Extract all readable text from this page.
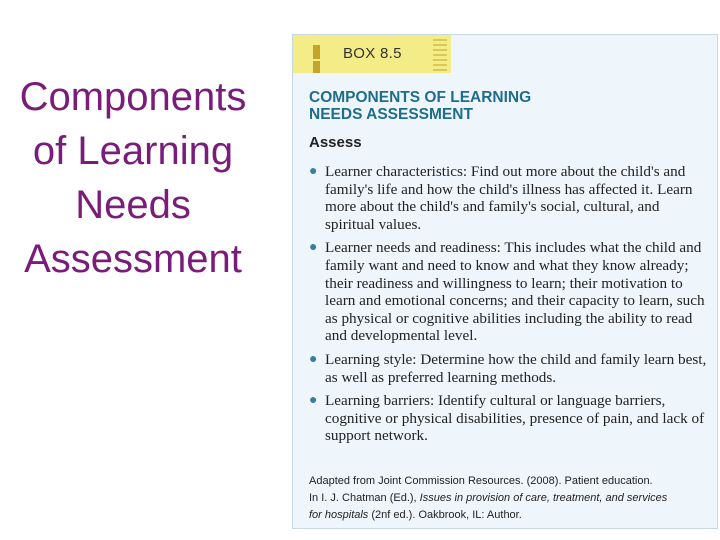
Components
of Learning
Needs
Assessment
BOX 8.5
COMPONENTS OF LEARNING
NEEDS ASSESSMENT
Assess
● Learner characteristics: Find out more about the child's and family's life and how the child's illness has affected it. Learn more about the child's and family's social, cultural, and spiritual values.
● Learner needs and readiness: This includes what the child and family want and need to know and what they know already; their readiness and willingness to learn; their motivation to learn and emotional concerns; and their capacity to learn, such as physical or cognitive abilities including the ability to read and developmental level.
● Learning style: Determine how the child and family learn best, as well as preferred learning methods.
● Learning barriers: Identify cultural or language barriers, cognitive or physical disabilities, presence of pain, and lack of support network.
Adapted from Joint Commission Resources. (2008). Patient education.
In I. J. Chatman (Ed.), Issues in provision of care, treatment, and services
for hospitals (2nf ed.). Oakbrook, IL: Author.
